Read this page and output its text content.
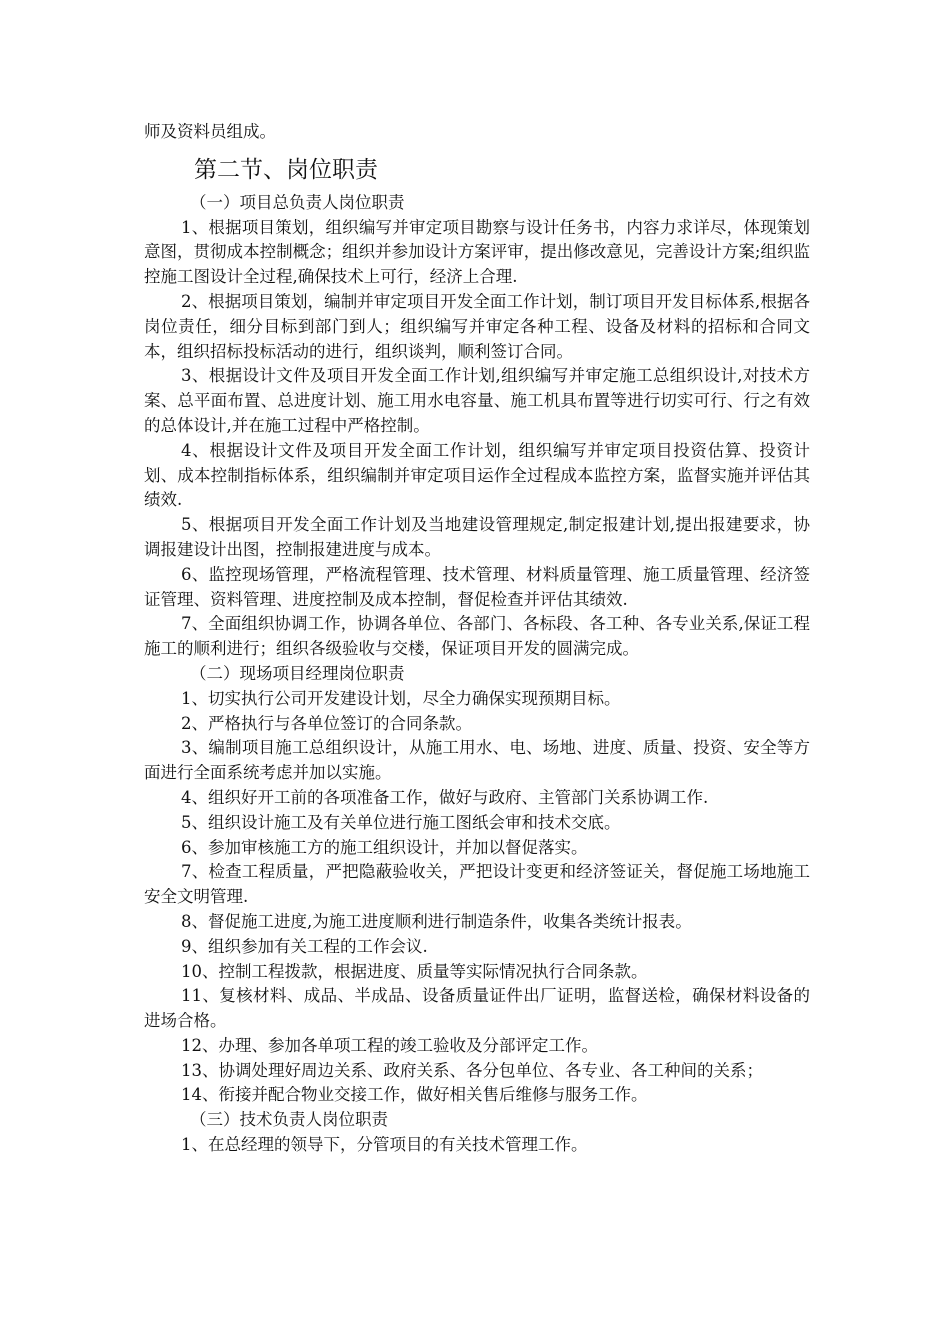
师及资料员组成。
第二节、岗位职责
（一）项目总负责人岗位职责
1、根据项目策划，组织编写并审定项目勘察与设计任务书，内容力求详尽，体现策划意图，贯彻成本控制概念；组织并参加设计方案评审，提出修改意见，完善设计方案;组织监控施工图设计全过程,确保技术上可行，经济上合理.
2、根据项目策划，编制并审定项目开发全面工作计划，制订项目开发目标体系,根据各岗位责任，细分目标到部门到人；组织编写并审定各种工程、设备及材料的招标和合同文本，组织招标投标活动的进行，组织谈判，顺利签订合同。
3、根据设计文件及项目开发全面工作计划,组织编写并审定施工总组织设计,对技术方案、总平面布置、总进度计划、施工用水电容量、施工机具布置等进行切实可行、行之有效的总体设计,并在施工过程中严格控制。
4、根据设计文件及项目开发全面工作计划，组织编写并审定项目投资估算、投资计划、成本控制指标体系，组织编制并审定项目运作全过程成本监控方案，监督实施并评估其绩效.
5、根据项目开发全面工作计划及当地建设管理规定,制定报建计划,提出报建要求，协调报建设计出图，控制报建进度与成本。
6、监控现场管理，严格流程管理、技术管理、材料质量管理、施工质量管理、经济签证管理、资料管理、进度控制及成本控制，督促检查并评估其绩效.
7、全面组织协调工作，协调各单位、各部门、各标段、各工种、各专业关系,保证工程施工的顺利进行；组织各级验收与交楼，保证项目开发的圆满完成。
（二）现场项目经理岗位职责
1、切实执行公司开发建设计划，尽全力确保实现预期目标。
2、严格执行与各单位签订的合同条款。
3、编制项目施工总组织设计，从施工用水、电、场地、进度、质量、投资、安全等方面进行全面系统考虑并加以实施。
4、组织好开工前的各项准备工作，做好与政府、主管部门关系协调工作.
5、组织设计施工及有关单位进行施工图纸会审和技术交底。
6、参加审核施工方的施工组织设计，并加以督促落实。
7、检查工程质量，严把隐蔽验收关，严把设计变更和经济签证关，督促施工场地施工安全文明管理.
8、督促施工进度,为施工进度顺利进行制造条件，收集各类统计报表。
9、组织参加有关工程的工作会议.
10、控制工程拨款，根据进度、质量等实际情况执行合同条款。
11、复核材料、成品、半成品、设备质量证件出厂证明，监督送检，确保材料设备的进场合格。
12、办理、参加各单项工程的竣工验收及分部评定工作。
13、协调处理好周边关系、政府关系、各分包单位、各专业、各工种间的关系；
14、衔接并配合物业交接工作，做好相关售后维修与服务工作。
（三）技术负责人岗位职责
1、在总经理的领导下，分管项目的有关技术管理工作。
